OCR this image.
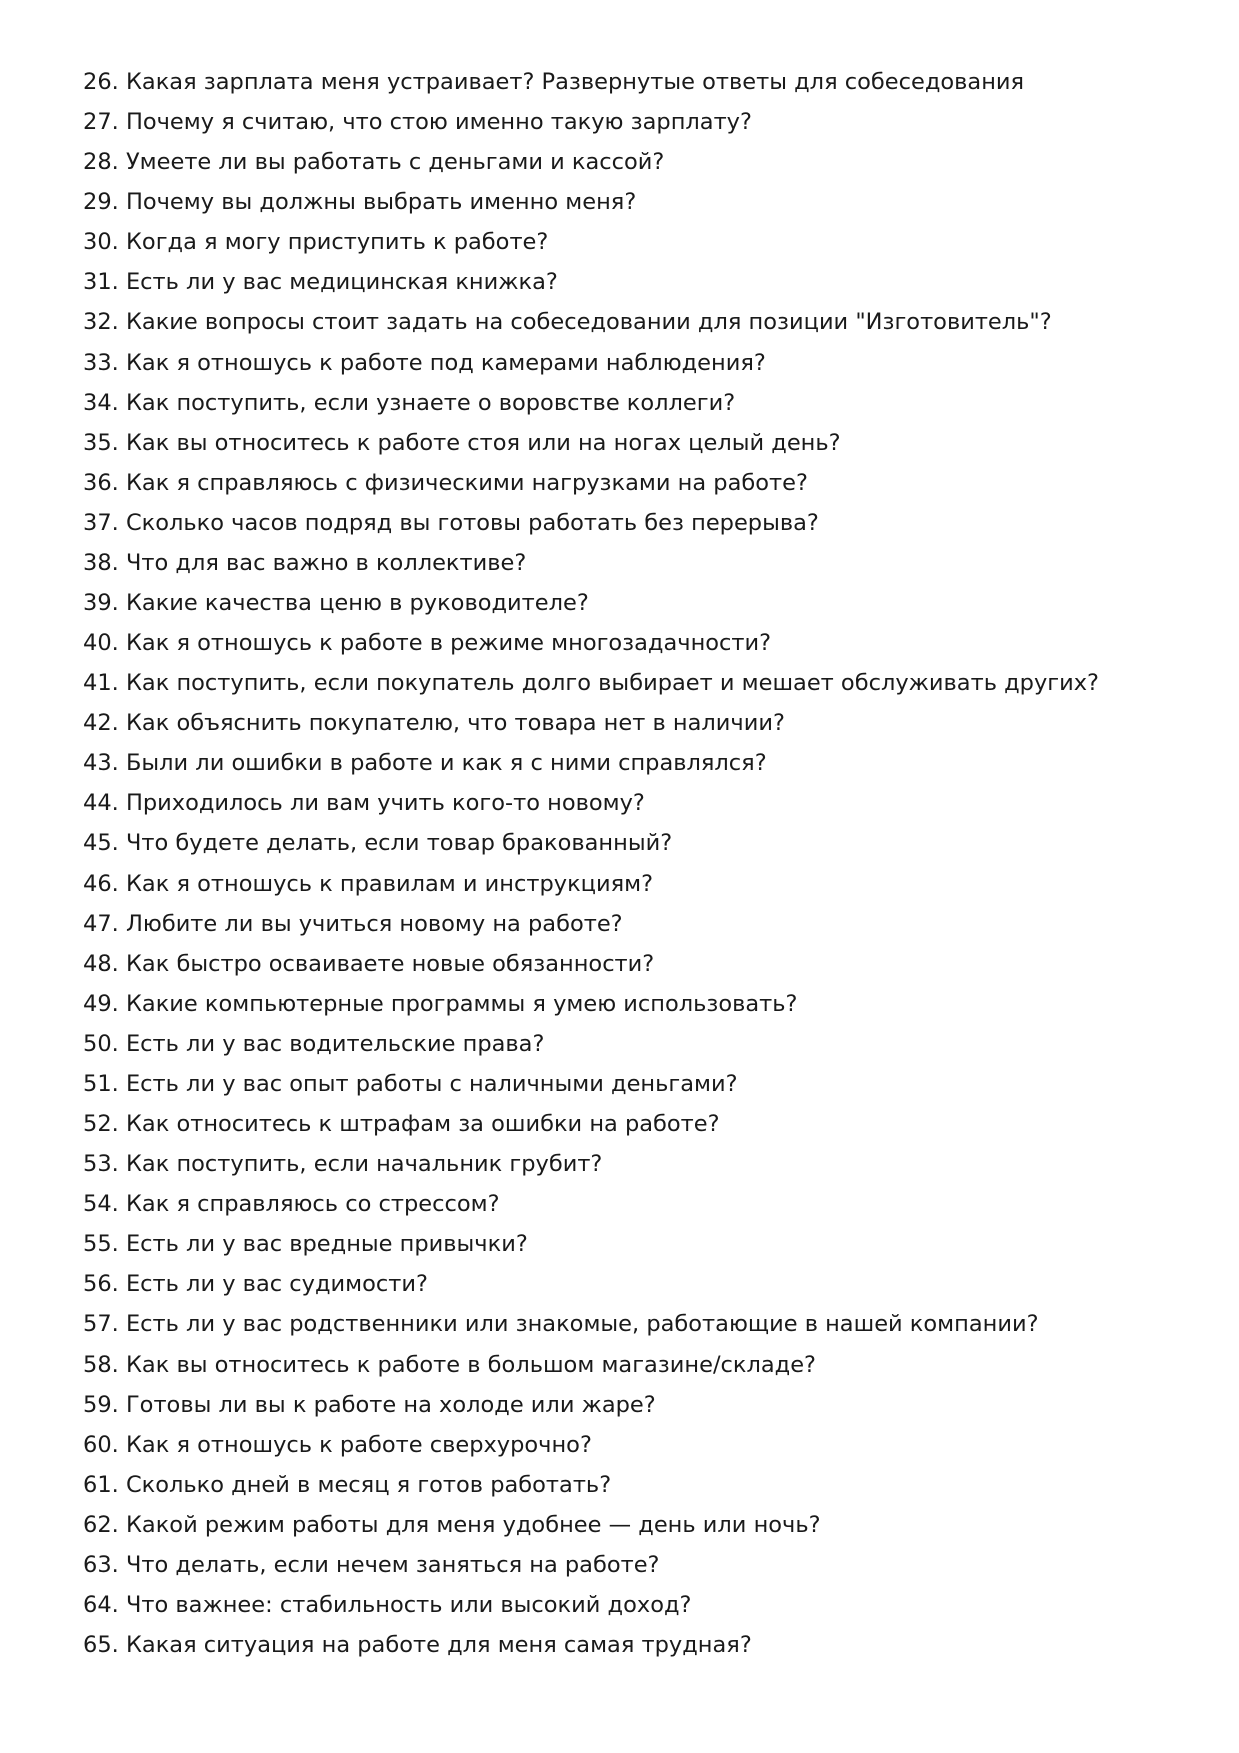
26. Какая зарплата меня устраивает? Развернутые ответы для собеседования
27. Почему я считаю, что стою именно такую зарплату?
28. Умеете ли вы работать с деньгами и кассой?
29. Почему вы должны выбрать именно меня?
30. Когда я могу приступить к работе?
31. Есть ли у вас медицинская книжка?
32. Какие вопросы стоит задать на собеседовании для позиции "Изготовитель"?
33. Как я отношусь к работе под камерами наблюдения?
34. Как поступить, если узнаете о воровстве коллеги?
35. Как вы относитесь к работе стоя или на ногах целый день?
36. Как я справляюсь с физическими нагрузками на работе?
37. Сколько часов подряд вы готовы работать без перерыва?
38. Что для вас важно в коллективе?
39. Какие качества ценю в руководителе?
40. Как я отношусь к работе в режиме многозадачности?
41. Как поступить, если покупатель долго выбирает и мешает обслуживать других?
42. Как объяснить покупателю, что товара нет в наличии?
43. Были ли ошибки в работе и как я с ними справлялся?
44. Приходилось ли вам учить кого-то новому?
45. Что будете делать, если товар бракованный?
46. Как я отношусь к правилам и инструкциям?
47. Любите ли вы учиться новому на работе?
48. Как быстро осваиваете новые обязанности?
49. Какие компьютерные программы я умею использовать?
50. Есть ли у вас водительские права?
51. Есть ли у вас опыт работы с наличными деньгами?
52. Как относитесь к штрафам за ошибки на работе?
53. Как поступить, если начальник грубит?
54. Как я справляюсь со стрессом?
55. Есть ли у вас вредные привычки?
56. Есть ли у вас судимости?
57. Есть ли у вас родственники или знакомые, работающие в нашей компании?
58. Как вы относитесь к работе в большом магазине/складе?
59. Готовы ли вы к работе на холоде или жаре?
60. Как я отношусь к работе сверхурочно?
61. Сколько дней в месяц я готов работать?
62. Какой режим работы для меня удобнее — день или ночь?
63. Что делать, если нечем заняться на работе?
64. Что важнее: стабильность или высокий доход?
65. Какая ситуация на работе для меня самая трудная?
